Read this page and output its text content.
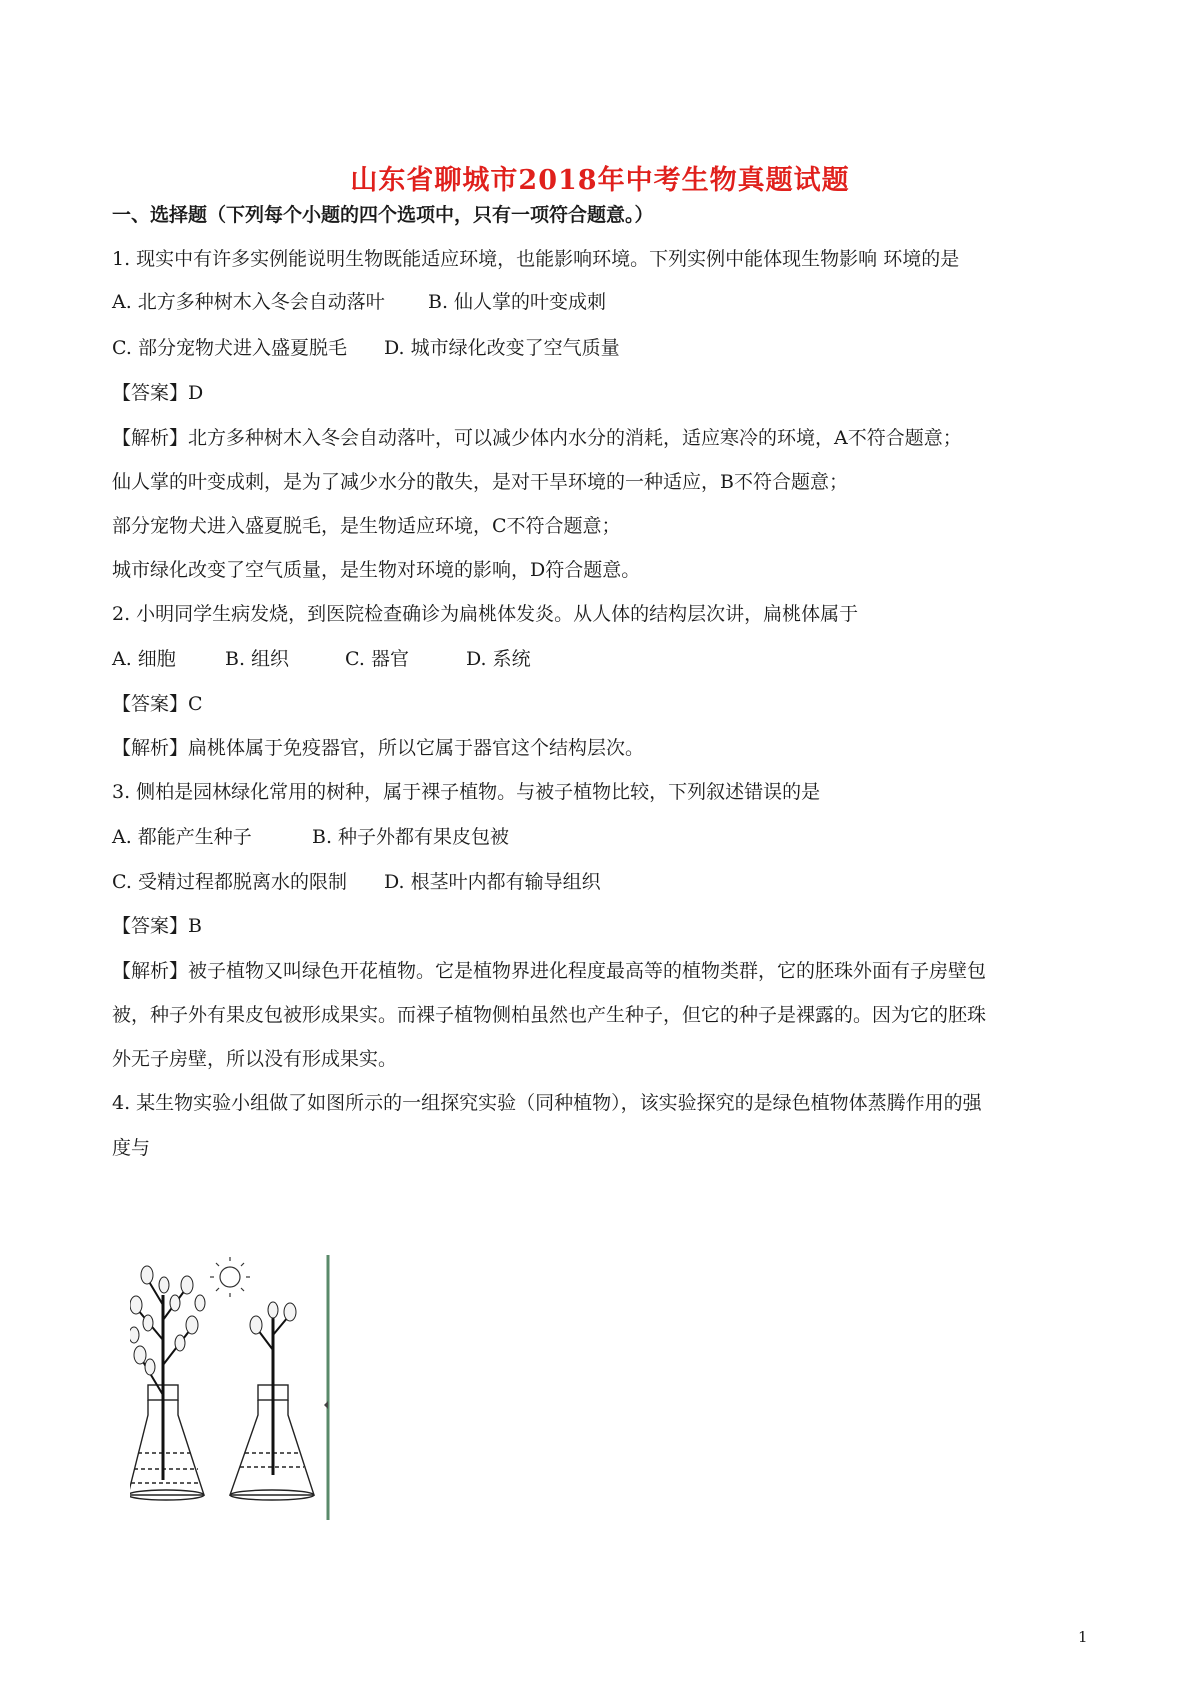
山东省聊城市2018年中考生物真题试题
一、选择题（下列每个小题的四个选项中，只有一项符合题意。）
1. 现实中有许多实例能说明生物既能适应环境，也能影响环境。下列实例中能体现生物影响 环境的是
A. 北方多种树木入冬会自动落叶 B. 仙人掌的叶变成刺
C. 部分宠物犬进入盛夏脱毛 D. 城市绿化改变了空气质量
【答案】D
【解析】北方多种树木入冬会自动落叶，可以减少体内水分的消耗，适应寒冷的环境，A不符合题意；
仙人掌的叶变成刺，是为了减少水分的散失，是对干旱环境的一种适应，B不符合题意；
部分宠物犬进入盛夏脱毛，是生物适应环境，C不符合题意；
城市绿化改变了空气质量，是生物对环境的影响，D符合题意。
2. 小明同学生病发烧，到医院检查确诊为扁桃体发炎。从人体的结构层次讲，扁桃体属于
A. 细胞	B. 组织	C. 器官	D. 系统
【答案】C
【解析】扁桃体属于免疫器官，所以它属于器官这个结构层次。
3. 侧柏是园林绿化常用的树种，属于裸子植物。与被子植物比较，下列叙述错误的是
A. 都能产生种子	B. 种子外都有果皮包被
C. 受精过程都脱离水的限制 D. 根茎叶内都有输导组织
【答案】B
【解析】被子植物又叫绿色开花植物。它是植物界进化程度最高等的植物类群，它的胚珠外面有子房壁包
被，种子外有果皮包被形成果实。而裸子植物侧柏虽然也产生种子，但它的种子是裸露的。因为它的胚珠
外无子房壁，所以没有形成果实。
4. 某生物实验小组做了如图所示的一组探究实验（同种植物），该实验探究的是绿色植物体蒸腾作用的强
度与
1
